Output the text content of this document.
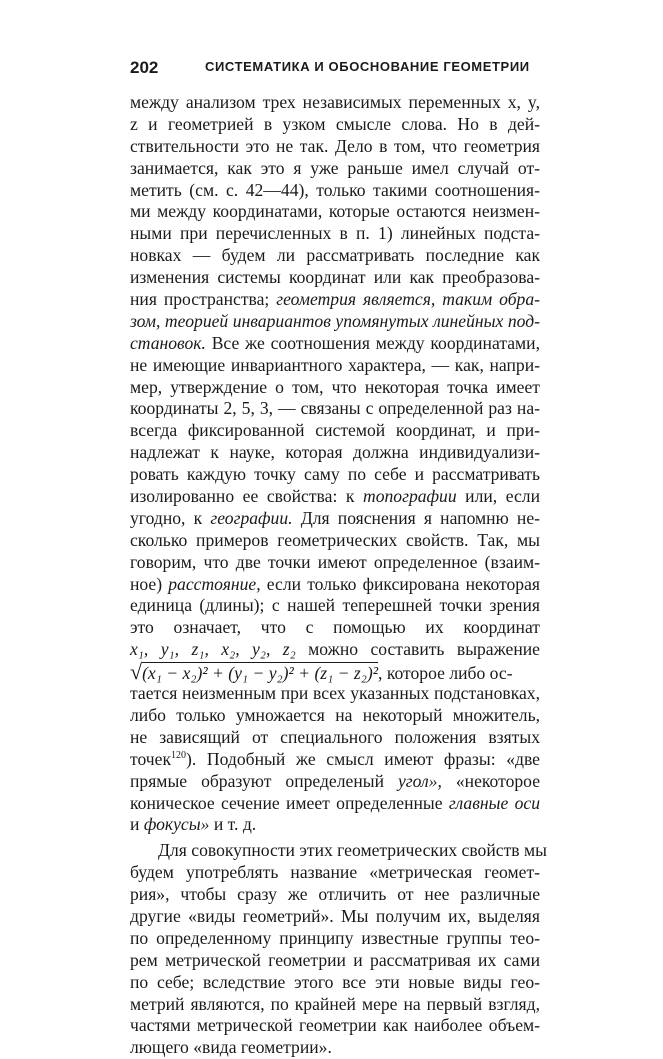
202	СИСТЕМАТИКА И ОБОСНОВАНИЕ ГЕОМЕТРИИ
между анализом трех независимых переменных x, y,
z и геометрией в узком смысле слова. Но в дей-
ствительности это не так. Дело в том, что геометрия
занимается, как это я уже раньше имел случай от-
метить (см. с. 42—44), только такими соотношения-
ми между координатами, которые остаются неизмен-
ными при перечисленных в п. 1) линейных подста-
новках — будем ли рассматривать последние как
изменения системы координат или как преобразова-
ния пространства; геометрия является, таким обра-
зом, теорией инвариантов упомянутых линейных под-
становок. Все же соотношения между координатами,
не имеющие инвариантного характера, — как, напри-
мер, утверждение о том, что некоторая точка имеет
координаты 2, 5, 3, — связаны с определенной раз на-
всегда фиксированной системой координат, и при-
надлежат к науке, которая должна индивидуализи-
ровать каждую точку саму по себе и рассматривать
изолированно ее свойства: к топографии или, если
угодно, к географии. Для пояснения я напомню не-
сколько примеров геометрических свойств. Так, мы
говорим, что две точки имеют определенное (взаим-
ное) расстояние, если только фиксирована некоторая
единица (длины); с нашей теперешней точки зрения
это означает, что с помощью их координат
x₁, y₁, z₁, x₂, y₂, z₂ можно составить выражение
√(x₁ − x₂)² + (y₁ − y₂)² + (z₁ − z₂)², которое либо ос-
тается неизменным при всех указанных подстановках,
либо только умножается на некоторый множитель,
не зависящий от специального положения взятых
точек$^{120}$). Подобный же смысл имеют фразы: «две
прямые образуют определеный угол», «некоторое
коническое сечение имеет определенные главные оси
и фокусы» и т. д.
Для совокупности этих геометрических свойств мы
будем употреблять название «метрическая геомет-
рия», чтобы сразу же отличить от нее различные
другие «виды геометрий». Мы получим их, выделяя
по определенному принципу известные группы тео-
рем метрической геометрии и рассматривая их сами
по себе; вследствие этого все эти новые виды гео-
метрий являются, по крайней мере на первый взгляд,
частями метрической геометрии как наиболее объем-
лющего «вида геометрии».
